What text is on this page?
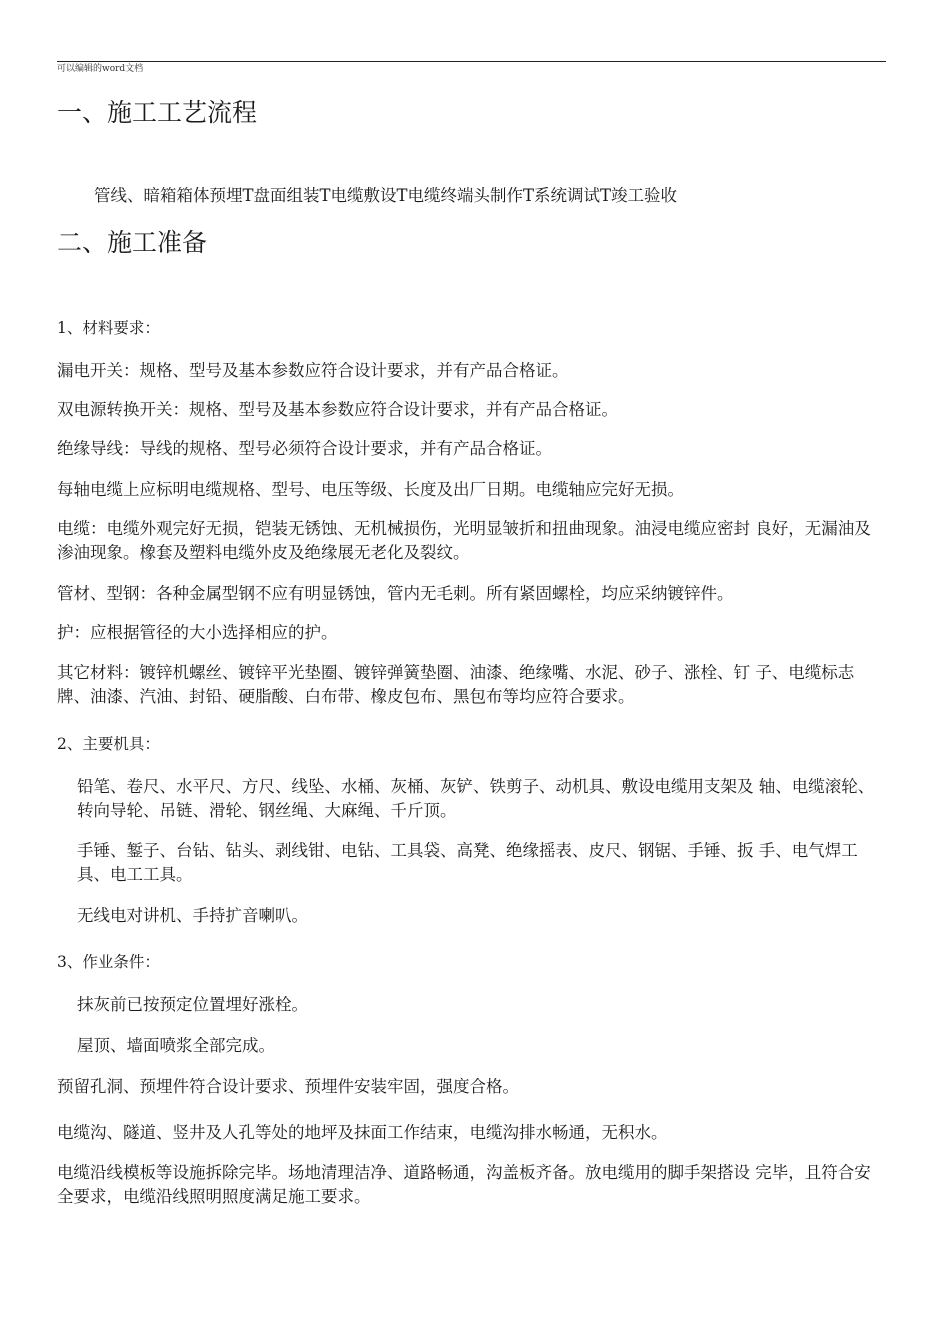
可以编辑的word文档
一、施工工艺流程
管线、暗箱箱体预埋T盘面组装T电缆敷设T电缆终端头制作T系统调试T竣工验收
二、施工准备
1、材料要求：
漏电开关：规格、型号及基本参数应符合设计要求，并有产品合格证。
双电源转换开关：规格、型号及基本参数应符合设计要求，并有产品合格证。
绝缘导线：导线的规格、型号必须符合设计要求，并有产品合格证。
每轴电缆上应标明电缆规格、型号、电压等级、长度及出厂日期。电缆轴应完好无损。
电缆：电缆外观完好无损，铠装无锈蚀、无机械损伤，光明显皱折和扭曲现象。油浸电缆应密封 良好，无漏油及渗油现象。橡套及塑料电缆外皮及绝缘展无老化及裂纹。
管材、型钢：各种金属型钢不应有明显锈蚀，管内无毛刺。所有紧固螺栓，均应采纳镀锌件。
护：应根据管径的大小选择相应的护。
其它材料：镀锌机螺丝、镀锌平光垫圈、镀锌弹簧垫圈、油漆、绝缘嘴、水泥、砂子、涨栓、钉 子、电缆标志牌、油漆、汽油、封铅、硬脂酸、白布带、橡皮包布、黑包布等均应符合要求。
2、主要机具：
铅笔、卷尺、水平尺、方尺、线坠、水桶、灰桶、灰铲、铁剪子、动机具、敷设电缆用支架及 轴、电缆滚轮、转向导轮、吊链、滑轮、钢丝绳、大麻绳、千斤顶。
手锤、錾子、台钻、钻头、剥线钳、电钻、工具袋、高凳、绝缘摇表、皮尺、钢锯、手锤、扳 手、电气焊工具、电工工具。
无线电对讲机、手持扩音喇叭。
3、作业条件：
抹灰前已按预定位置埋好涨栓。
屋顶、墙面喷浆全部完成。
预留孔洞、预埋件符合设计要求、预埋件安装牢固，强度合格。
电缆沟、隧道、竖井及人孔等处的地坪及抹面工作结束，电缆沟排水畅通，无积水。
电缆沿线模板等设施拆除完毕。场地清理洁净、道路畅通，沟盖板齐备。放电缆用的脚手架搭设 完毕，且符合安全要求，电缆沿线照明照度满足施工要求。
